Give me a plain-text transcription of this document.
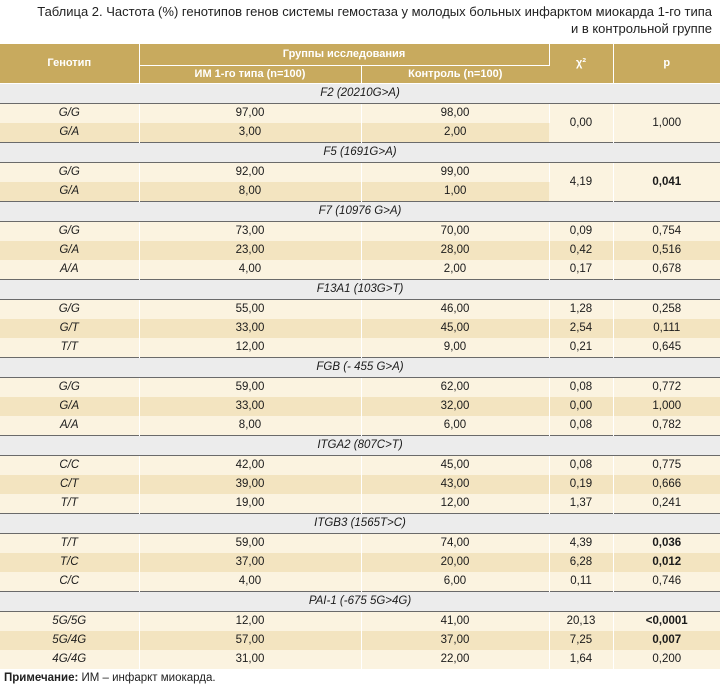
Таблица 2. Частота (%) генотипов генов системы гемостаза у молодых больных инфарктом миокарда 1-го типа
и в контрольной группе
Генотип	Группы исследования		χ²	p
	ИМ 1-го типа (n=100)	Контроль (n=100)		
F2 (20210G>A)				
G/G	97,00	98,00	0,00	1,000
G/A	3,00	2,00		
F5 (1691G>A)				
G/G	92,00	99,00	4,19	0,041
G/A	8,00	1,00		
F7 (10976 G>A)				
G/G	73,00	70,00	0,09	0,754
G/A	23,00	28,00	0,42	0,516
A/A	4,00	2,00	0,17	0,678
F13A1 (103G>T)				
G/G	55,00	46,00	1,28	0,258
G/T	33,00	45,00	2,54	0,111
T/T	12,00	9,00	0,21	0,645
FGB (- 455 G>A)				
G/G	59,00	62,00	0,08	0,772
G/A	33,00	32,00	0,00	1,000
A/A	8,00	6,00	0,08	0,782
ITGA2 (807C>T)				
C/C	42,00	45,00	0,08	0,775
C/T	39,00	43,00	0,19	0,666
T/T	19,00	12,00	1,37	0,241
ITGB3 (1565T>C)				
T/T	59,00	74,00	4,39	0,036
T/C	37,00	20,00	6,28	0,012
C/C	4,00	6,00	0,11	0,746
PAI-1 (-675 5G>4G)				
5G/5G	12,00	41,00	20,13	<0,0001
5G/4G	57,00	37,00	7,25	0,007
4G/4G	31,00	22,00	1,64	0,200
Примечание: ИМ – инфаркт миокарда.
